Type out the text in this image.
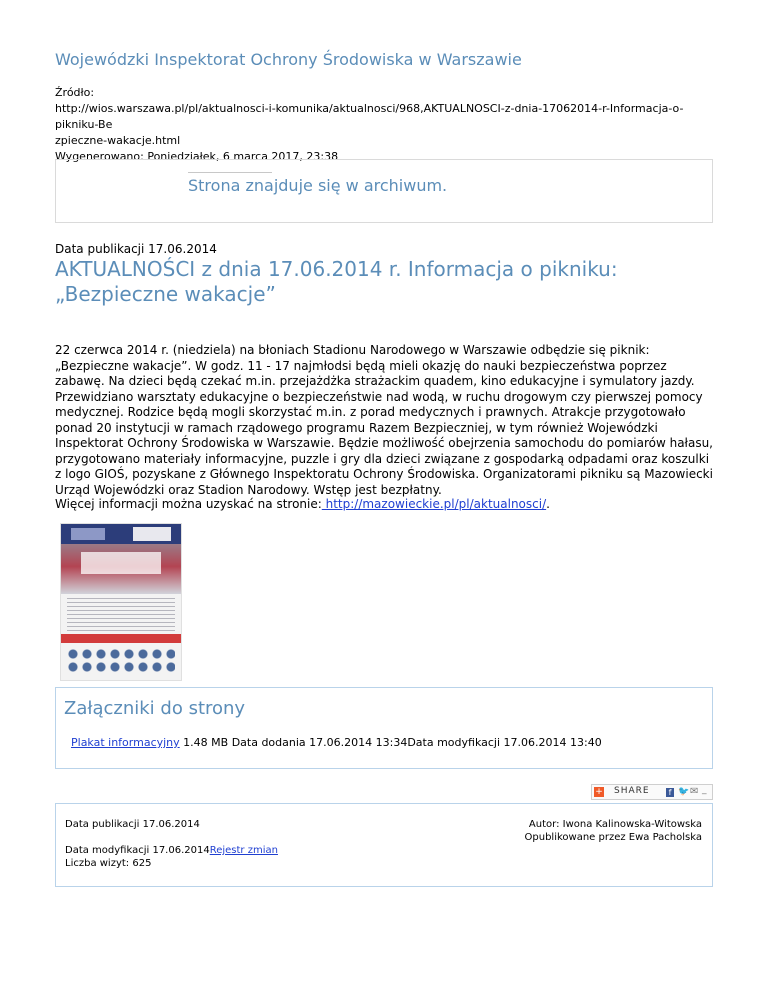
Wojewódzki Inspektorat Ochrony Środowiska w Warszawie
Źródło:
http://wios.warszawa.pl/pl/aktualnosci-i-komunika/aktualnosci/968,AKTUALNOSCI-z-dnia-17062014-r-Informacja-o-pikniku-Be
zpieczne-wakacje.html
Wygenerowano: Poniedziałek, 6 marca 2017, 23:38
Strona znajduje się w archiwum.
Data publikacji 17.06.2014
AKTUALNOŚCI z dnia 17.06.2014 r. Informacja o pikniku: „Bezpieczne wakacje”

22 czerwca 2014 r. (niedziela) na błoniach Stadionu Narodowego w Warszawie odbędzie się piknik: „Bezpieczne wakacje”. W godz. 11 - 17 najmłodsi będą mieli okazję do nauki bezpieczeństwa poprzez zabawę. Na dzieci będą czekać m.in. przejażdżka strażackim quadem, kino edukacyjne i symulatory jazdy. Przewidziano warsztaty edukacyjne o bezpieczeństwie nad wodą, w ruchu drogowym czy pierwszej pomocy medycznej. Rodzice będą mogli skorzystać m.in. z porad medycznych i prawnych. Atrakcje przygotowało ponad 20 instytucji w ramach rządowego programu Razem Bezpieczniej, w tym również Wojewódzki Inspektorat Ochrony Środowiska w Warszawie. Będzie możliwość obejrzenia samochodu do pomiarów hałasu, przygotowano materiały informacyjne, puzzle i gry dla dzieci związane z gospodarką odpadami oraz koszulki z logo GIOŚ, pozyskane z Głównego Inspektoratu Ochrony Środowiska. Organizatorami pikniku są Mazowiecki Urząd Wojewódzki oraz Stadion Narodowy. Wstęp jest bezpłatny.

Więcej informacji można uzyskać na stronie: http://mazowieckie.pl/pl/aktualnosci/.

Załączniki do strony
Plakat informacyjny 1.48 MB Data dodania 17.06.2014 13:34Data modyfikacji 17.06.2014 13:40
+ SHARE	f 🐦 ✉ _
Data publikacji 17.06.2014
Data modyfikacji 17.06.2014Rejestr zmian
Liczba wizyt: 625
Autor: Iwona Kalinowska-Witowska
Opublikowane przez Ewa Pacholska
